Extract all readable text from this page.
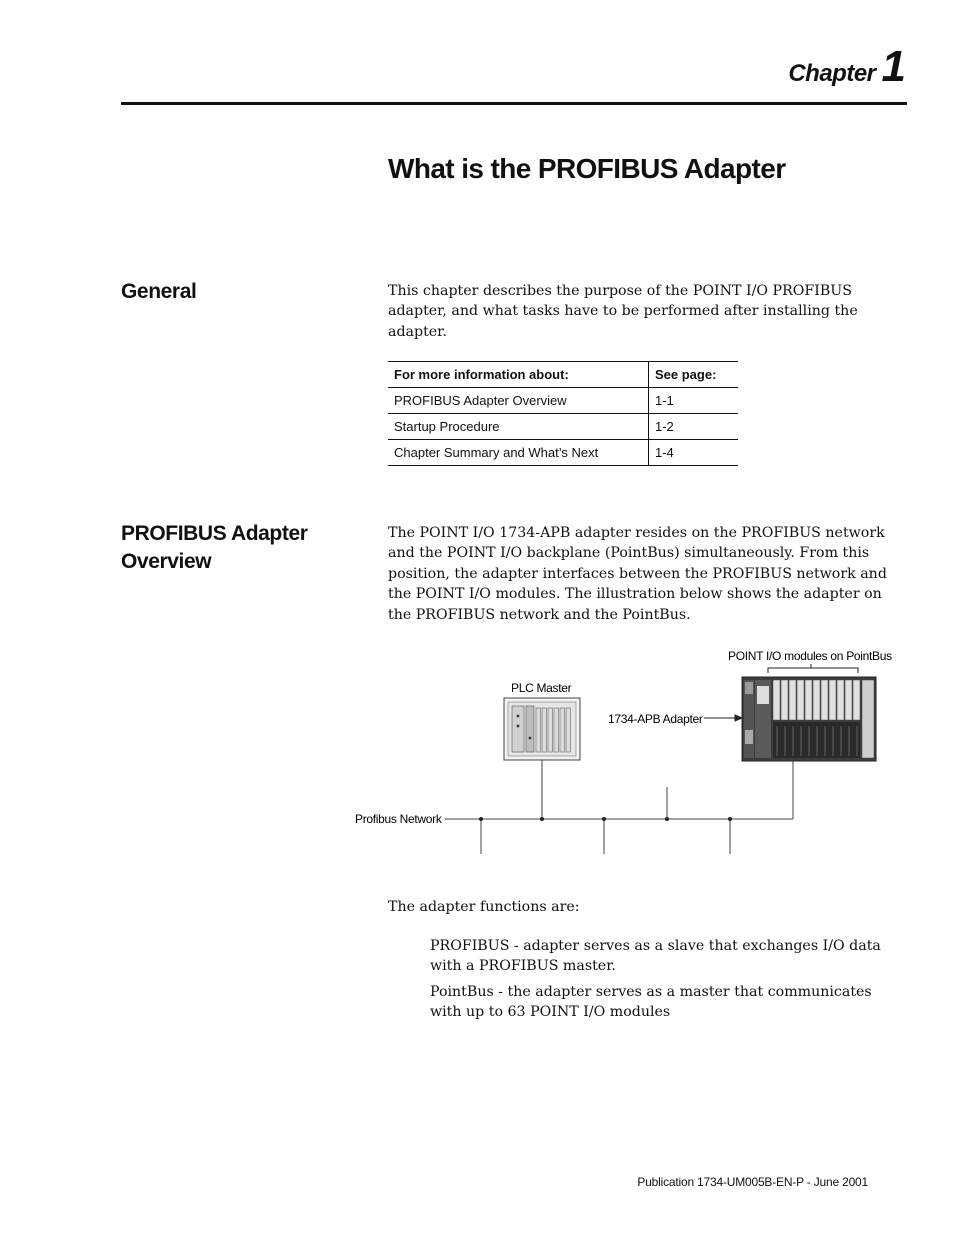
Chapter 1
What is the PROFIBUS Adapter
General	This chapter describes the purpose of the POINT I/O PROFIBUS adapter, and what tasks have to be performed after installing the adapter.

For more information about:	See page:
PROFIBUS Adapter Overview	1-1
Startup Procedure	1-2
Chapter Summary and What’s Next	1-4
PROFIBUS Adapter Overview

The POINT I/O 1734-APB adapter resides on the PROFIBUS network and the POINT I/O backplane (PointBus) simultaneously. From this position, the adapter interfaces between the PROFIBUS network and the POINT I/O modules. The illustration below shows the adapter on the PROFIBUS network and the PointBus.

POINT I/O modules on PointBus
PLC Master
1734-APB Adapter
Profibus Network

The adapter functions are:

PROFIBUS - adapter serves as a slave that exchanges I/O data with a PROFIBUS master.

PointBus - the adapter serves as a master that communicates with up to 63 POINT I/O modules

Publication 1734-UM005B-EN-P - June 2001
